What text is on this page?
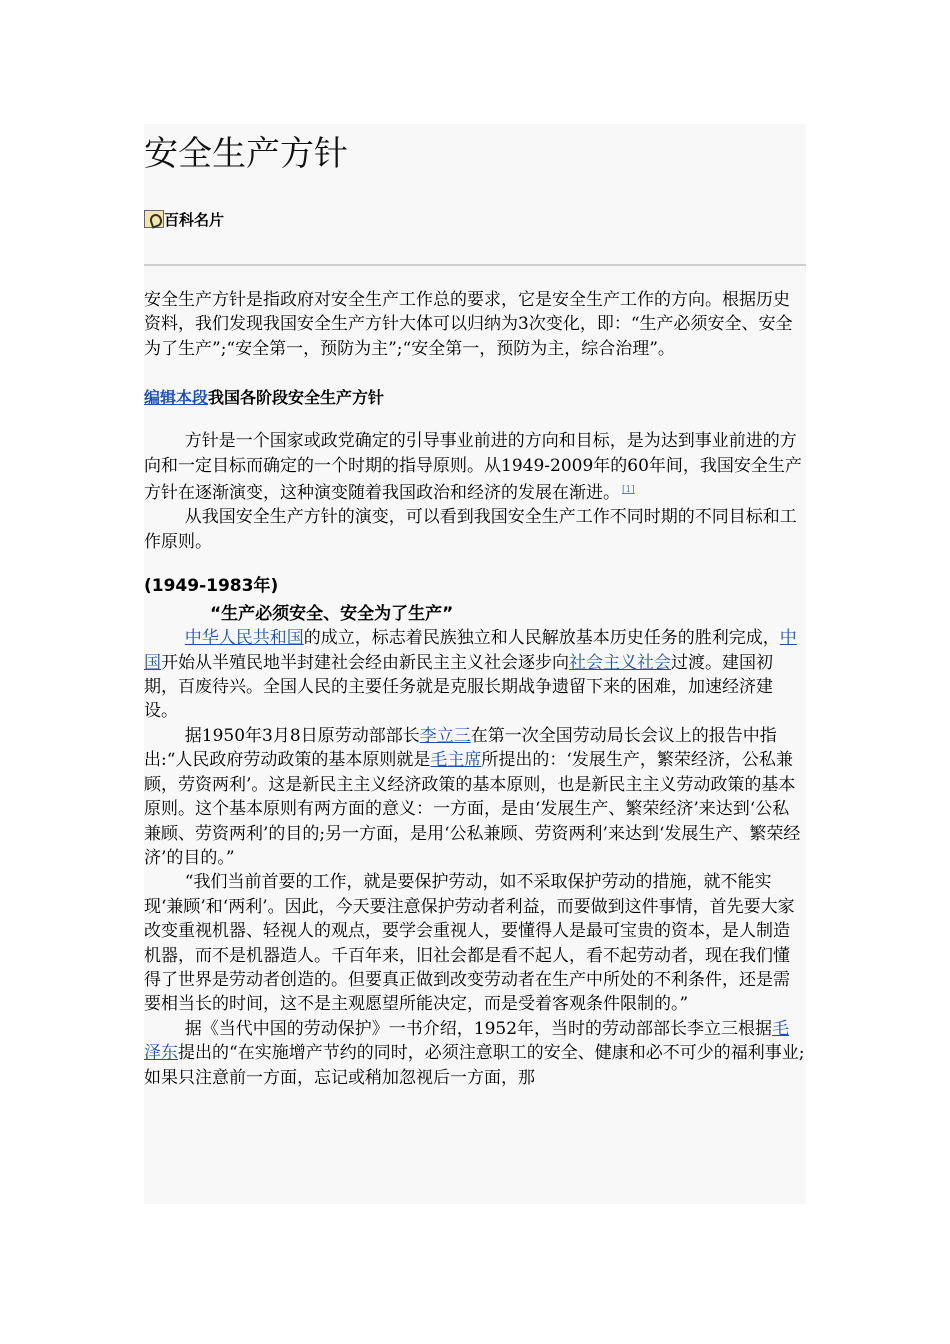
安全生产方针
百科名片

安全生产方针是指政府对安全生产工作总的要求，它是安全生产工作的方向。根据历史资料，我们发现我国安全生产方针大体可以归纳为3次变化，即：“生产必须安全、安全为了生产”;“安全第一，预防为主”;“安全第一，预防为主，综合治理”。

编辑本段我国各阶段安全生产方针

方针是一个国家或政党确定的引导事业前进的方向和目标，是为达到事业前进的方向和一定目标而确定的一个时期的指导原则。从1949-2009年的60年间，我国安全生产方针在逐渐演变，这种演变随着我国政治和经济的发展在渐进。 [1]

从我国安全生产方针的演变，可以看到我国安全生产工作不同时期的不同目标和工作原则。

(1949-1983年)
“生产必须安全、安全为了生产”

中华人民共和国的成立，标志着民族独立和人民解放基本历史任务的胜利完成，中国开始从半殖民地半封建社会经由新民主主义社会逐步向社会主义社会过渡。建国初期，百废待兴。全国人民的主要任务就是克服长期战争遗留下来的困难，加速经济建设。

据1950年3月8日原劳动部部长李立三在第一次全国劳动局长会议上的报告中指出:“人民政府劳动政策的基本原则就是毛主席所提出的：‘发展生产，繁荣经济，公私兼顾，劳资两利’。这是新民主主义经济政策的基本原则，也是新民主主义劳动政策的基本原则。这个基本原则有两方面的意义：一方面，是由‘发展生产、繁荣经济’来达到‘公私兼顾、劳资两利’的目的;另一方面，是用‘公私兼顾、劳资两利’来达到‘发展生产、繁荣经济’的目的。”

“我们当前首要的工作，就是要保护劳动，如不采取保护劳动的措施，就不能实现‘兼顾’和‘两利’。因此，今天要注意保护劳动者利益，而要做到这件事情，首先要大家改变重视机器、轻视人的观点，要学会重视人，要懂得人是最可宝贵的资本，是人制造机器，而不是机器造人。千百年来，旧社会都是看不起人，看不起劳动者，现在我们懂得了世界是劳动者创造的。但要真正做到改变劳动者在生产中所处的不利条件，还是需要相当长的时间，这不是主观愿望所能决定，而是受着客观条件限制的。”

据《当代中国的劳动保护》一书介绍，1952年，当时的劳动部部长李立三根据毛泽东提出的“在实施增产节约的同时，必须注意职工的安全、健康和必不可少的福利事业;如果只注意前一方面，忘记或稍加忽视后一方面，那
